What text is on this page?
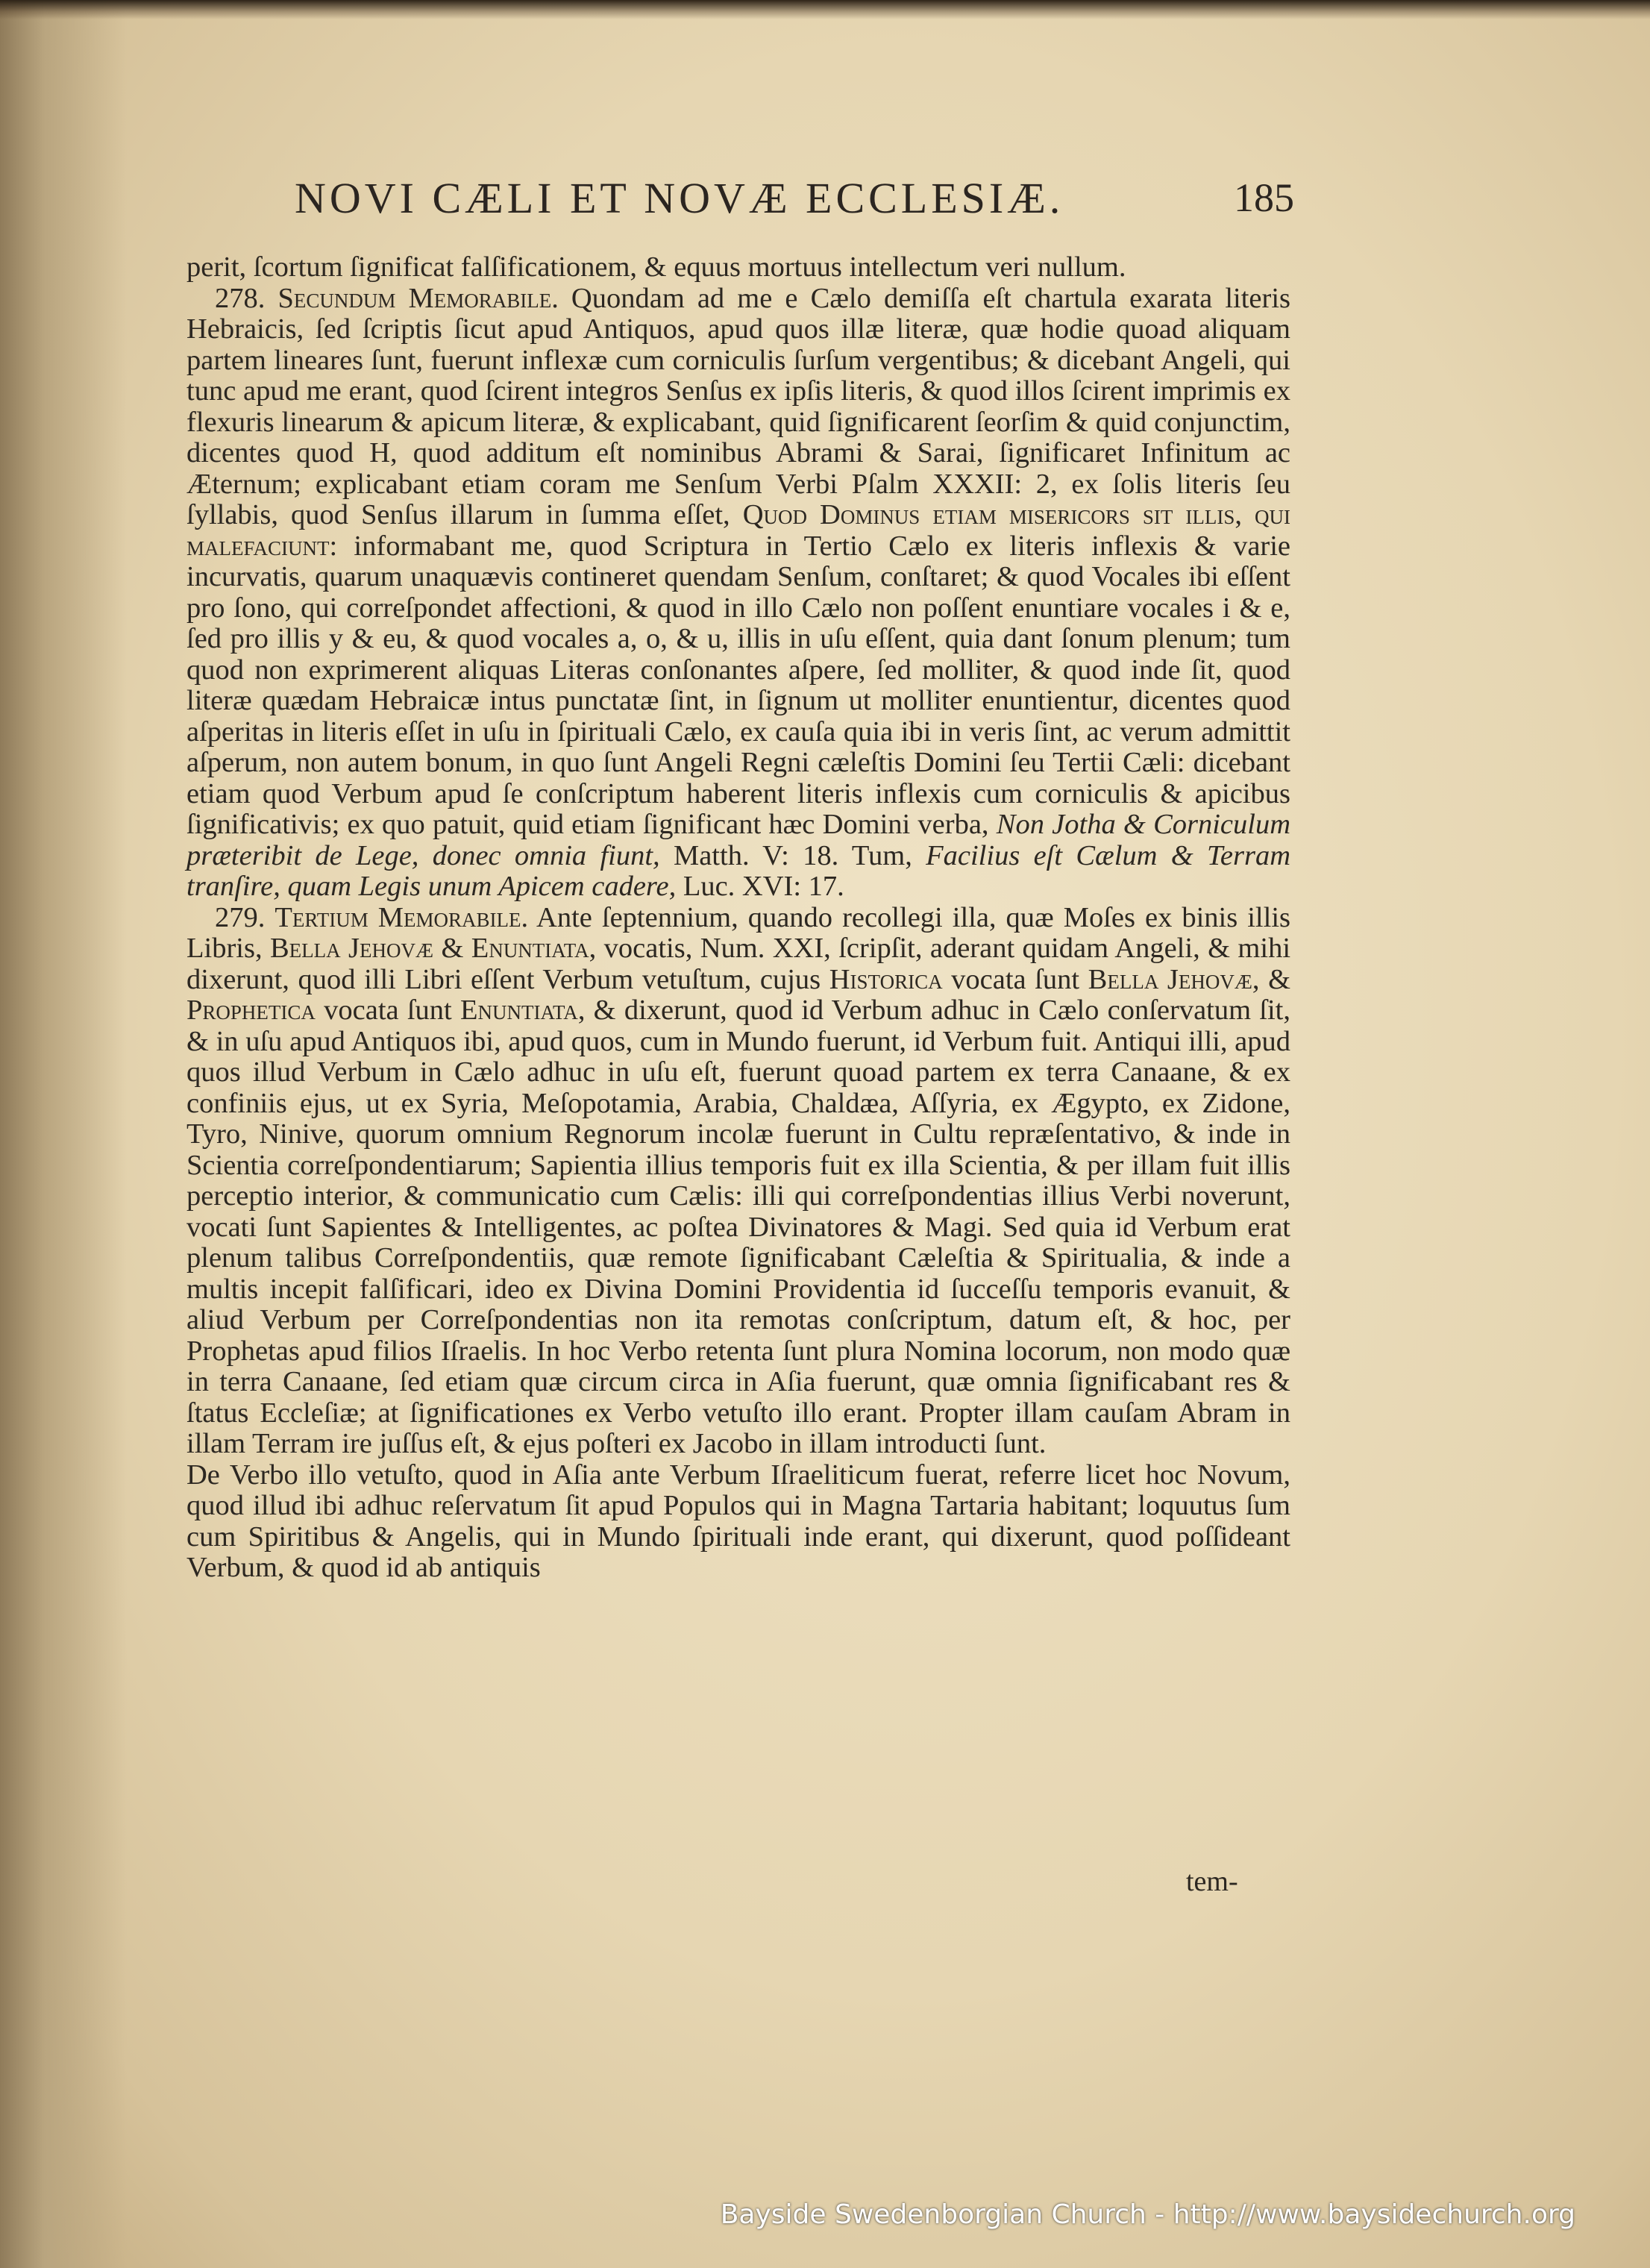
NOVI CÆLI ET NOVÆ ECCLESIÆ.	185

perit, ſcortum ſignificat falſificationem, & equus mortuus intellectum veri nullum.

278. Secundum Memorabile. Quondam ad me e Cælo demiſſa eſt chartula exarata literis Hebraicis, ſed ſcriptis ſicut apud Antiquos, apud quos illæ literæ, quæ hodie quoad aliquam partem lineares ſunt, fuerunt inflexæ cum corniculis ſurſum vergentibus; & dicebant Angeli, qui tunc apud me erant, quod ſcirent integros Senſus ex ipſis literis, & quod illos ſcirent imprimis ex flexuris linearum & apicum literæ, & explicabant, quid ſignificarent ſeorſim & quid conjunctim, dicentes quod H, quod additum eſt nominibus Abrami & Sarai, ſignificaret Infinitum ac Æternum; explicabant etiam coram me Senſum Verbi Pſalm XXXII: 2, ex ſolis literis ſeu ſyllabis, quod Senſus illarum in ſumma eſſet, Quod Dominus etiam misericors sit illis, qui malefaciunt: informabant me, quod Scriptura in Tertio Cælo ex literis inflexis & varie incurvatis, quarum unaquævis contineret quendam Senſum, conſtaret; & quod Vocales ibi eſſent pro ſono, qui correſpondet affectioni, & quod in illo Cælo non poſſent enuntiare vocales i & e, ſed pro illis y & eu, & quod vocales a, o, & u, illis in uſu eſſent, quia dant ſonum plenum; tum quod non exprimerent aliquas Literas conſonantes aſpere, ſed molliter, & quod inde ſit, quod literæ quædam Hebraicæ intus punctatæ ſint, in ſignum ut molliter enuntientur, dicentes quod aſperitas in literis eſſet in uſu in ſpirituali Cælo, ex cauſa quia ibi in veris ſint, ac verum admittit aſperum, non autem bonum, in quo ſunt Angeli Regni cæleſtis Domini ſeu Tertii Cæli: dicebant etiam quod Verbum apud ſe conſcriptum haberent literis inflexis cum corniculis & apicibus ſignificativis; ex quo patuit, quid etiam ſignificant hæc Domini verba, Non Jotha & Corniculum præteribit de Lege, donec omnia fiunt, Matth. V: 18. Tum, Facilius eſt Cælum & Terram tranſire, quam Legis unum Apicem cadere, Luc. XVI: 17.

279. Tertium Memorabile. Ante ſeptennium, quando recollegi illa, quæ Moſes ex binis illis Libris, Bella Jehovæ & Enuntiata, vocatis, Num. XXI, ſcripſit, aderant quidam Angeli, & mihi dixerunt, quod illi Libri eſſent Verbum vetuſtum, cujus Historica vocata ſunt Bella Jehovæ, & Prophetica vocata ſunt Enuntiata, & dixerunt, quod id Verbum adhuc in Cælo conſervatum ſit, & in uſu apud Antiquos ibi, apud quos, cum in Mundo fuerunt, id Verbum fuit. Antiqui illi, apud quos illud Verbum in Cælo adhuc in uſu eſt, fuerunt quoad partem ex terra Canaane, & ex confiniis ejus, ut ex Syria, Meſopotamia, Arabia, Chaldæa, Aſſyria, ex Ægypto, ex Zidone, Tyro, Ninive, quorum omnium Regnorum incolæ fuerunt in Cultu repræſentativo, & inde in Scientia correſpondentiarum; Sapientia illius temporis fuit ex illa Scientia, & per illam fuit illis perceptio interior, & communicatio cum Cælis: illi qui correſpondentias illius Verbi noverunt, vocati ſunt Sapientes & Intelligentes, ac poſtea Divinatores & Magi. Sed quia id Verbum erat plenum talibus Correſpondentiis, quæ remote ſignificabant Cæleſtia & Spiritualia, & inde a multis incepit falſificari, ideo ex Divina Domini Providentia id ſucceſſu temporis evanuit, & aliud Verbum per Correſpondentias non ita remotas conſcriptum, datum eſt, & hoc, per Prophetas apud filios Iſraelis. In hoc Verbo retenta ſunt plura Nomina locorum, non modo quæ in terra Canaane, ſed etiam quæ circum circa in Aſia fuerunt, quæ omnia ſignificabant res & ſtatus Eccleſiæ; at ſignificationes ex Verbo vetuſto illo erant. Propter illam cauſam Abram in illam Terram ire juſſus eſt, & ejus poſteri ex Jacobo in illam introducti ſunt.

De Verbo illo vetuſto, quod in Aſia ante Verbum Iſraeliticum fuerat, referre licet hoc Novum, quod illud ibi adhuc reſervatum ſit apud Populos qui in Magna Tartaria habitant; loquutus ſum cum Spiritibus & Angelis, qui in Mundo ſpirituali inde erant, qui dixerunt, quod poſſideant Verbum, & quod id ab antiquis

tem-
Bayside Swedenborgian Church - http://www.baysidechurch.org
